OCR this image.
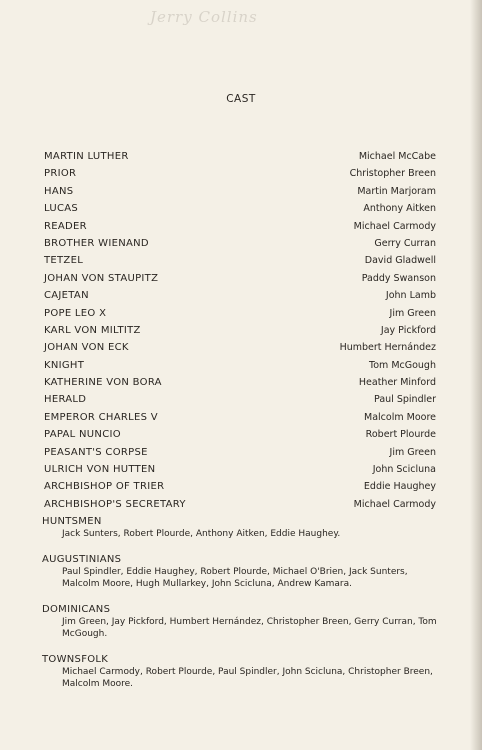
Jerry Collins
CAST
MARTIN LUTHER	Michael McCabe
PRIOR	Christopher Breen
HANS	Martin Marjoram
LUCAS	Anthony Aitken
READER	Michael Carmody
BROTHER WIENAND	Gerry Curran
TETZEL	David Gladwell
JOHAN VON STAUPITZ	Paddy Swanson
CAJETAN	John Lamb
POPE LEO X	Jim Green
KARL VON MILTITZ	Jay Pickford
JOHAN VON ECK	Humbert Hernández
KNIGHT	Tom McGough
KATHERINE VON BORA	Heather Minford
HERALD	Paul Spindler
EMPEROR CHARLES V	Malcolm Moore
PAPAL NUNCIO	Robert Plourde
PEASANT'S CORPSE	Jim Green
ULRICH VON HUTTEN	John Scicluna
ARCHBISHOP OF TRIER	Eddie Haughey
ARCHBISHOP'S SECRETARY	Michael Carmody
HUNTSMEN
Jack Sunters, Robert Plourde, Anthony Aitken, Eddie Haughey.
AUGUSTINIANS
Paul Spindler, Eddie Haughey, Robert Plourde, Michael O'Brien, Jack Sunters, Malcolm Moore, Hugh Mullarkey, John Scicluna, Andrew Kamara.
DOMINICANS
Jim Green, Jay Pickford, Humbert Hernández, Christopher Breen, Gerry Curran, Tom McGough.
TOWNSFOLK
Michael Carmody, Robert Plourde, Paul Spindler, John Scicluna, Christopher Breen, Malcolm Moore.
